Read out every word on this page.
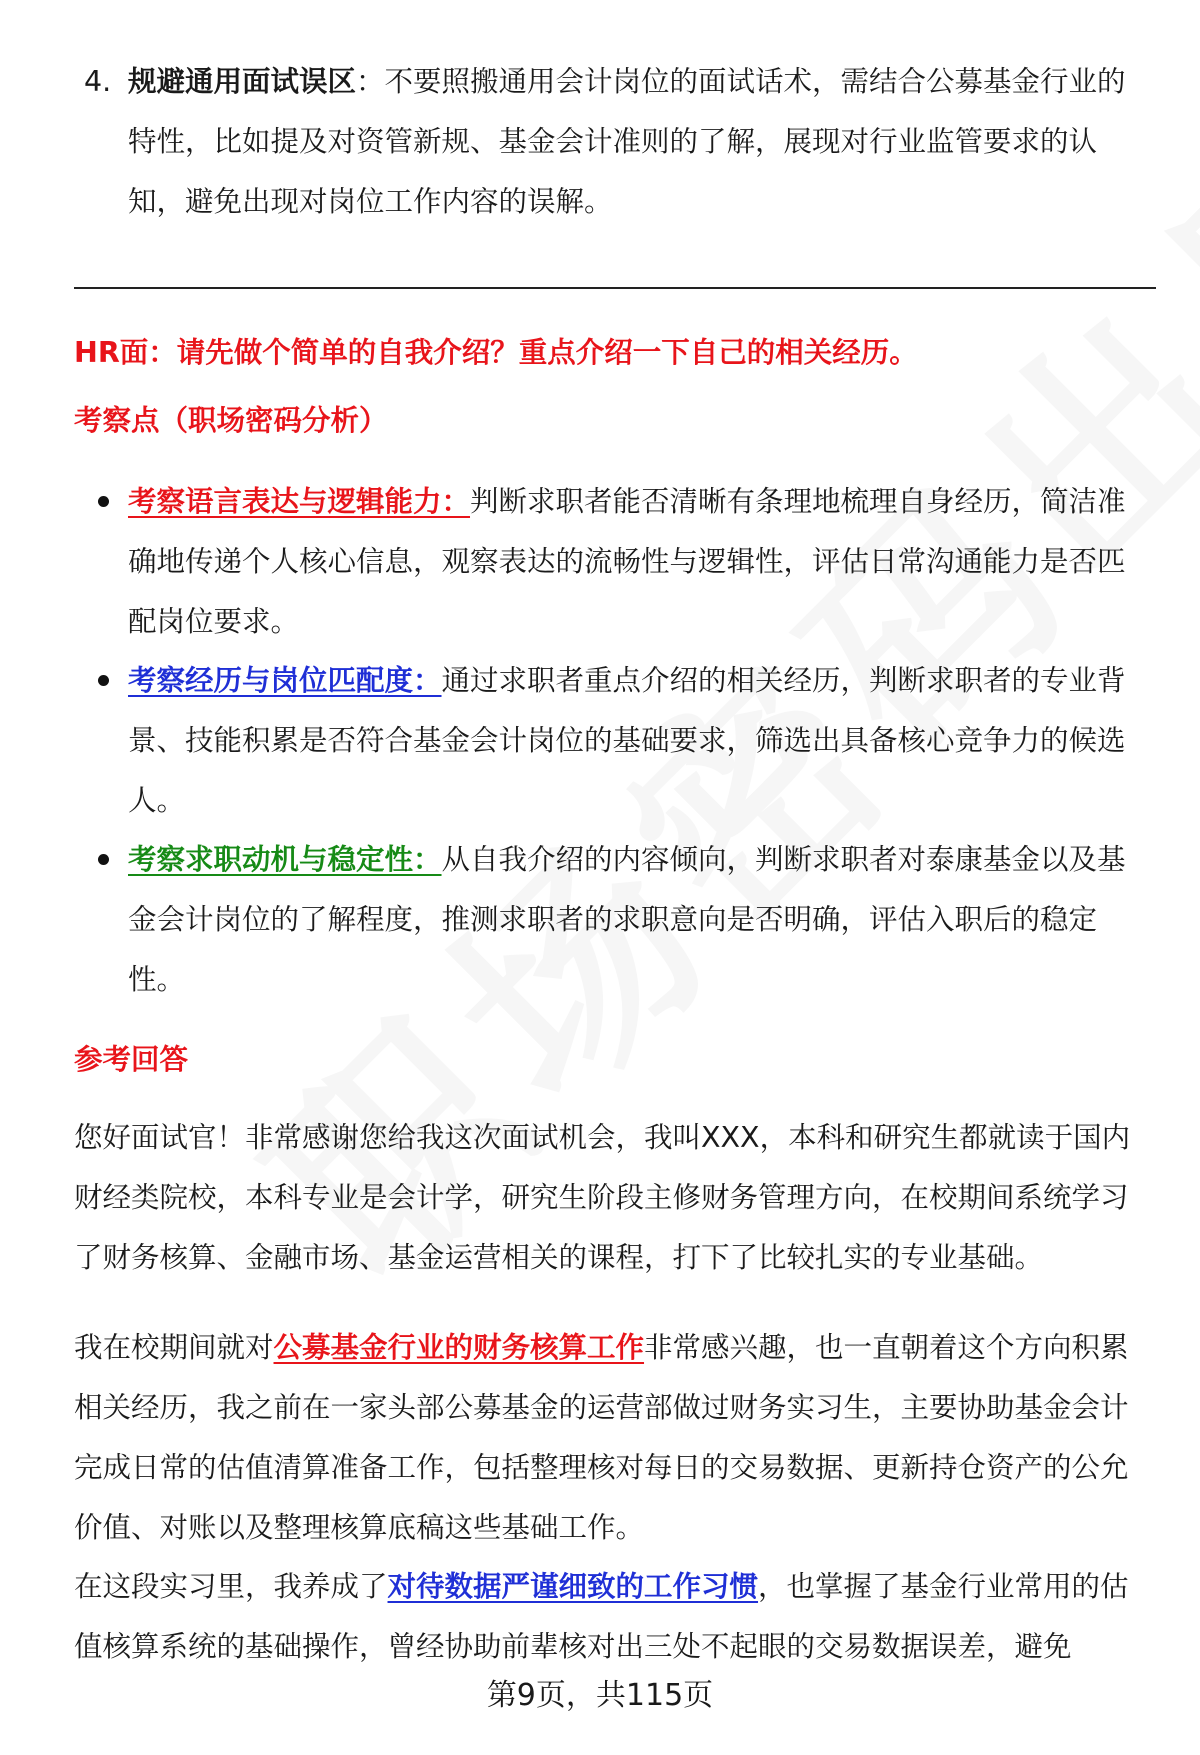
4. 规避通用面试误区：不要照搬通用会计岗位的面试话术，需结合公募基金行业的特性，比如提及对资管新规、基金会计准则的了解，展现对行业监管要求的认知，避免出现对岗位工作内容的误解。

HR面：请先做个简单的自我介绍？重点介绍一下自己的相关经历。
考察点（职场密码分析）

考察语言表达与逻辑能力：判断求职者能否清晰有条理地梳理自身经历，简洁准确地传递个人核心信息，观察表达的流畅性与逻辑性，评估日常沟通能力是否匹配岗位要求。

考察经历与岗位匹配度：通过求职者重点介绍的相关经历，判断求职者的专业背景、技能积累是否符合基金会计岗位的基础要求，筛选出具备核心竞争力的候选人。

考察求职动机与稳定性：从自我介绍的内容倾向，判断求职者对泰康基金以及基金会计岗位的了解程度，推测求职者的求职意向是否明确，评估入职后的稳定性。

参考回答

您好面试官！非常感谢您给我这次面试机会，我叫XXX，本科和研究生都就读于国内财经类院校，本科专业是会计学，研究生阶段主修财务管理方向，在校期间系统学习了财务核算、金融市场、基金运营相关的课程，打下了比较扎实的专业基础。

我在校期间就对公募基金行业的财务核算工作非常感兴趣，也一直朝着这个方向积累相关经历，我之前在一家头部公募基金的运营部做过财务实习生，主要协助基金会计完成日常的估值清算准备工作，包括整理核对每日的交易数据、更新持仓资产的公允价值、对账以及整理核算底稿这些基础工作。

在这段实习里，我养成了对待数据严谨细致的工作习惯，也掌握了基金行业常用的估值核算系统的基础操作，曾经协助前辈核对出三处不起眼的交易数据误差，避免

第9页，共115页
